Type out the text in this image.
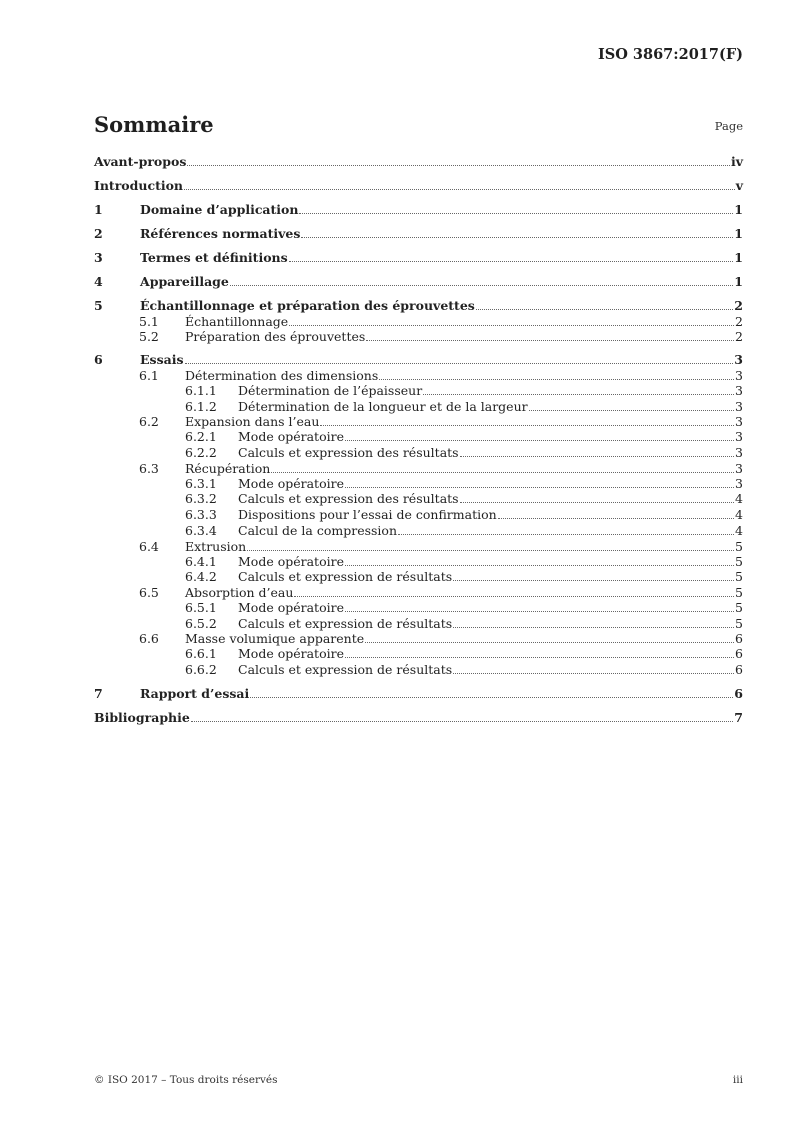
ISO 3867:2017(F)
Sommaire	Page
Avant-propos	iv
Introduction	v
1	Domaine d’application	1
2	Références normatives	1
3	Termes et définitions	1
4	Appareillage	1
5	Échantillonnage et préparation des éprouvettes	2
5.1	Échantillonnage	2
5.2	Préparation des éprouvettes	2
6	Essais	3
6.1	Détermination des dimensions	3
6.1.1	Détermination de l’épaisseur	3
6.1.2	Détermination de la longueur et de la largeur	3
6.2	Expansion dans l’eau	3
6.2.1	Mode opératoire	3
6.2.2	Calculs et expression des résultats	3
6.3	Récupération	3
6.3.1	Mode opératoire	3
6.3.2	Calculs et expression des résultats	4
6.3.3	Dispositions pour l’essai de confirmation	4
6.3.4	Calcul de la compression	4
6.4	Extrusion	5
6.4.1	Mode opératoire	5
6.4.2	Calculs et expression de résultats	5
6.5	Absorption d’eau	5
6.5.1	Mode opératoire	5
6.5.2	Calculs et expression de résultats	5
6.6	Masse volumique apparente	6
6.6.1	Mode opératoire	6
6.6.2	Calculs et expression de résultats	6
7	Rapport d’essai	6
Bibliographie	7
© ISO 2017 – Tous droits réservés	iii
